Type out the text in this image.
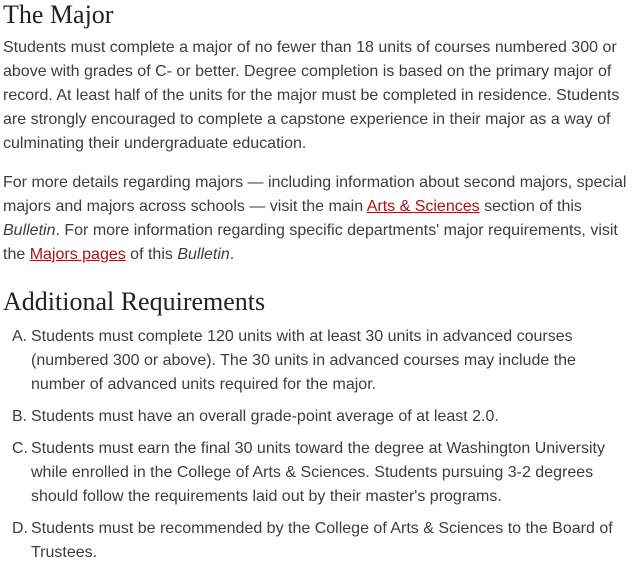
The Major

Students must complete a major of no fewer than 18 units of courses numbered 300 or above with grades of C- or better. Degree completion is based on the primary major of record. At least half of the units for the major must be completed in residence. Students are strongly encouraged to complete a capstone experience in their major as a way of culminating their undergraduate education.

For more details regarding majors — including information about second majors, special majors and majors across schools — visit the main Arts & Sciences section of this Bulletin. For more information regarding specific departments' major requirements, visit the Majors pages of this Bulletin.

Additional Requirements
A. Students must complete 120 units with at least 30 units in advanced courses (numbered 300 or above). The 30 units in advanced courses may include the number of advanced units required for the major.
B. Students must have an overall grade-point average of at least 2.0.
C. Students must earn the final 30 units toward the degree at Washington University while enrolled in the College of Arts & Sciences. Students pursuing 3-2 degrees should follow the requirements laid out by their master's programs.
D. Students must be recommended by the College of Arts & Sciences to the Board of Trustees.
